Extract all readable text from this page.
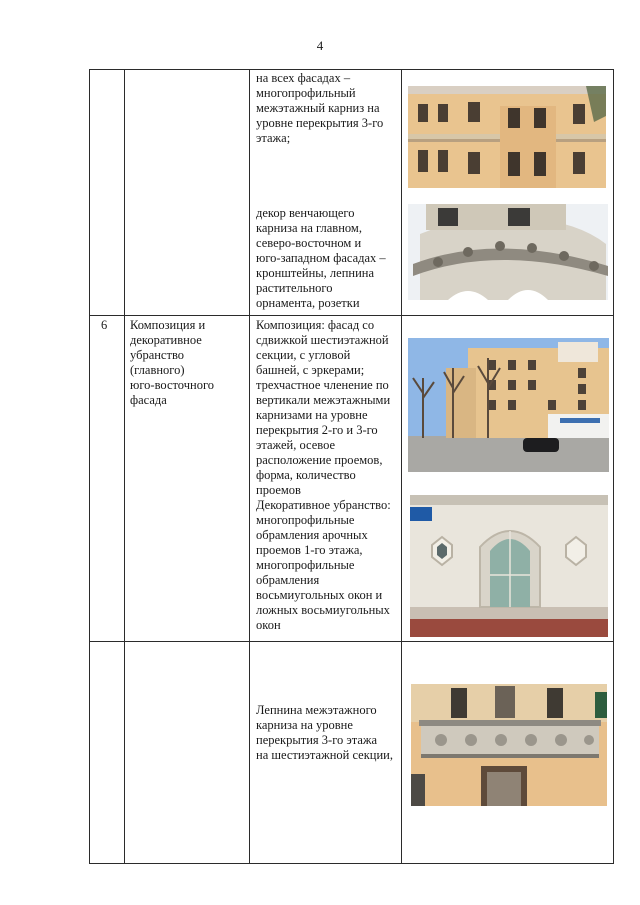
4
на всех фасадах –
многопрофильный
межэтажный карниз на
уровне перекрытия 3-го
этажа;
декор венчающего
карниза на главном,
северо-восточном и
юго-западном фасадах –
кронштейны, лепнина
растительного
орнамента, розетки
6	Композиция и
декоративное
убранство
(главного)
юго-восточного
фасада
Композиция: фасад со
сдвижкой шестиэтажной
секции, с угловой
башней, с эркерами;
трехчастное членение по
вертикали межэтажными
карнизами на уровне
перекрытия 2-го и 3-го
этажей, осевое
расположение проемов,
форма, количество
проемов
Декоративное убранство:
многопрофильные
обрамления арочных
проемов 1-го этажа,
многопрофильные
обрамления
восьмиугольных окон и
ложных восьмиугольных
окон
Лепнина межэтажного
карниза на уровне
перекрытия 3-го этажа
на шестиэтажной секции,
